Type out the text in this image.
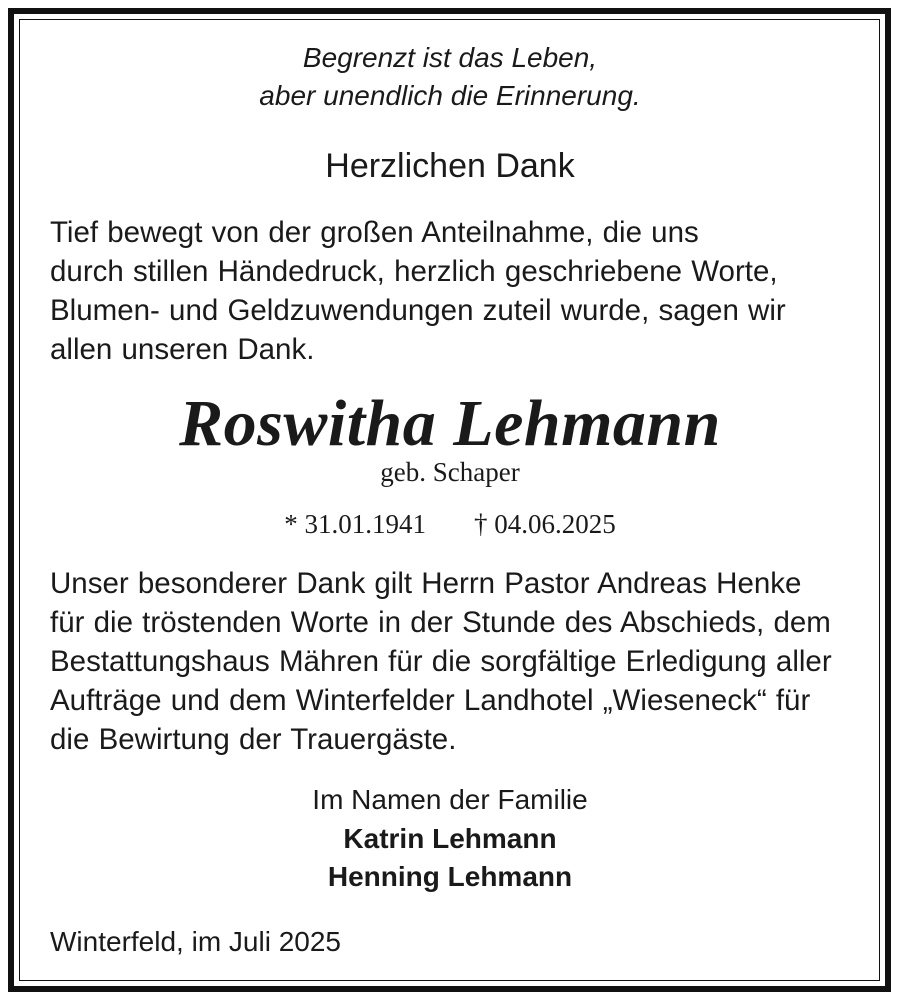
Begrenzt ist das Leben,

aber unendlich die Erinnerung.

Herzlichen Dank

Tief bewegt von der großen Anteilnahme, die uns

durch stillen Händedruck, herzlich geschriebene Worte,

Blumen- und Geldzuwendungen zuteil wurde, sagen wir

allen unseren Dank.

Roswitha Lehmann

geb. Schaper

* 31.01.1941 † 04.06.2025

Unser besonderer Dank gilt Herrn Pastor Andreas Henke

für die tröstenden Worte in der Stunde des Abschieds, dem

Bestattungshaus Mähren für die sorgfältige Erledigung aller

Aufträge und dem Winterfelder Landhotel „Wieseneck“ für

die Bewirtung der Trauergäste.

Im Namen der Familie

Katrin Lehmann

Henning Lehmann

Winterfeld, im Juli 2025
